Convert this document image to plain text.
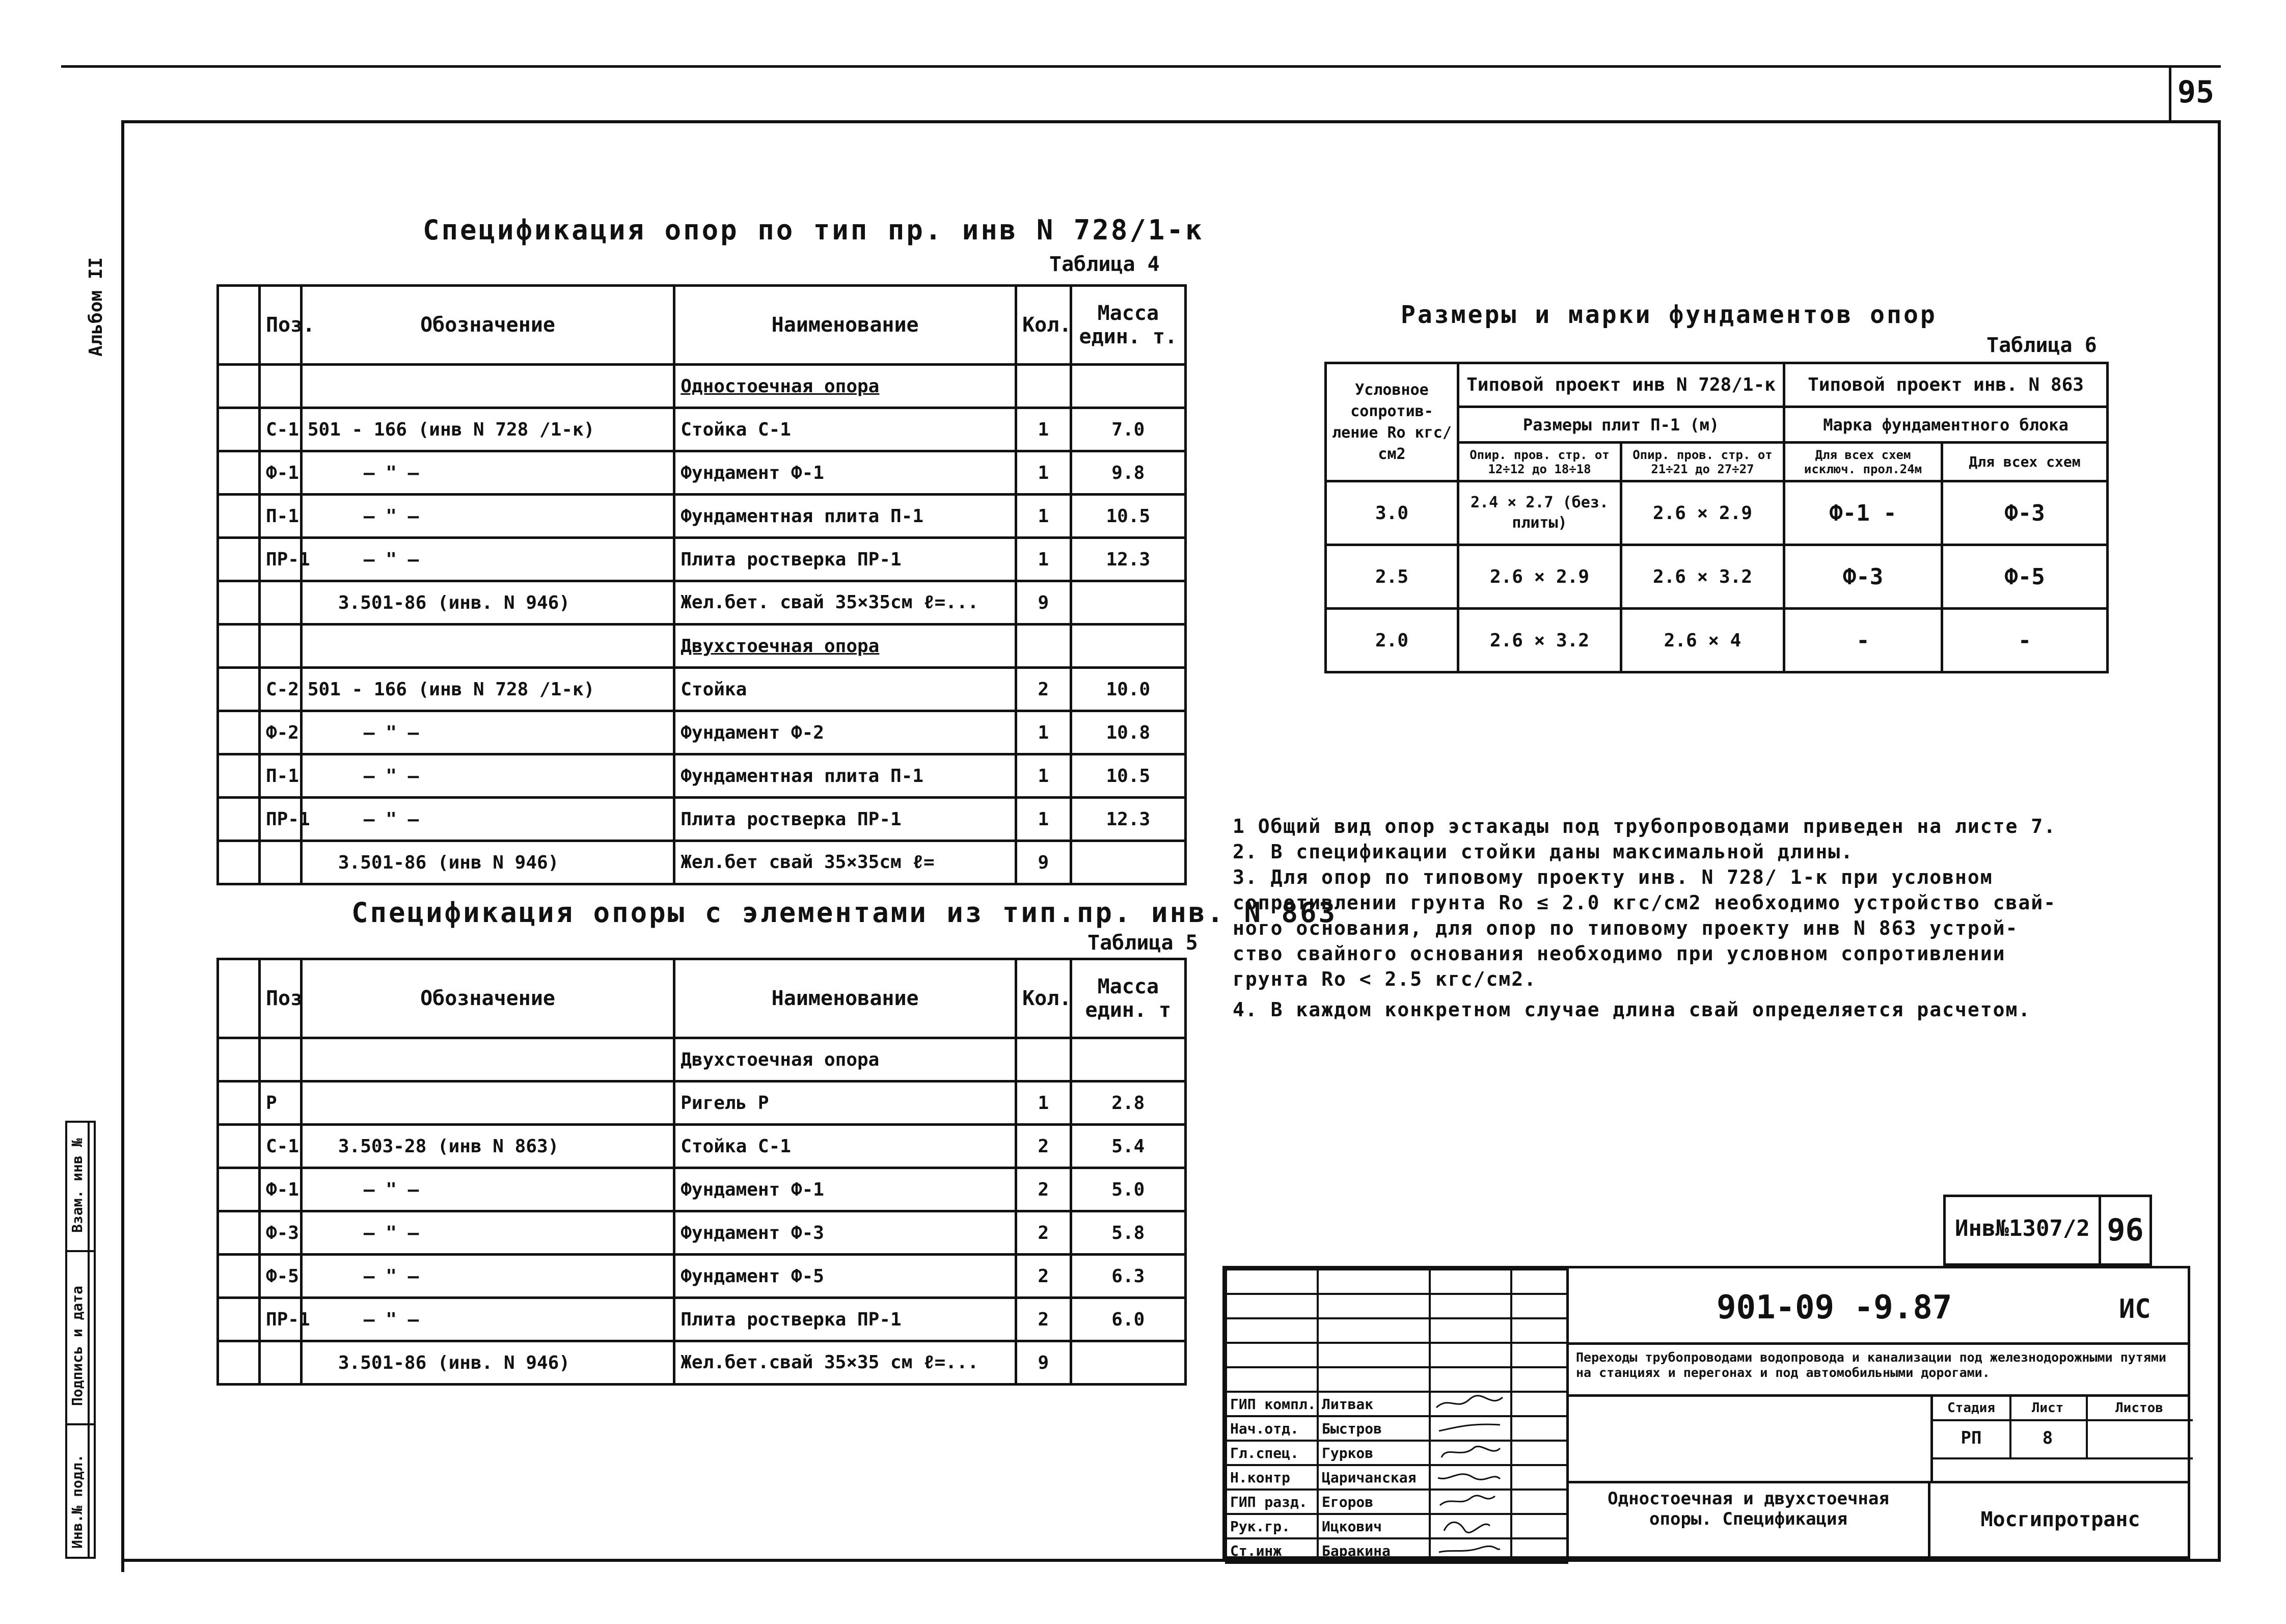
95
Альбом II
Спецификация опор по тип пр. инв N 728/1-к
Таблица 4
	Поз.	Обозначение	Наименование	Кол.	Масса един. т.
			Одностоечная опора		
	С-1	501 - 166 (инв N 728 /1-к)	Стойка С-1	1	7.0
	Ф-1	— " —	Фундамент Ф-1	1	9.8
	П-1	— " —	Фундаментная плита П-1	1	10.5
	ПР-1	— " —	Плита ростверка ПР-1	1	12.3
		3.501-86 (инв. N 946)	Жел.бет. свай 35×35см ℓ=...	9	
			Двухстоечная опора		
	С-2	501 - 166 (инв N 728 /1-к)	Стойка	2	10.0
	Ф-2	— " —	Фундамент Ф-2	1	10.8
	П-1	— " —	Фундаментная плита П-1	1	10.5
	ПР-1	— " —	Плита ростверка ПР-1	1	12.3
		3.501-86 (инв N 946)	Жел.бет свай 35×35см ℓ=	9	
Спецификация опоры с элементами из тип.пр. инв. N 863
Таблица 5
	Поз	Обозначение	Наименование	Кол.	Масса един. т
			Двухстоечная опора		
	Р		Ригель Р	1	2.8
	С-1	3.503-28 (инв N 863)	Стойка С-1	2	5.4
	Ф-1	— " —	Фундамент Ф-1	2	5.0
	Ф-3	— " —	Фундамент Ф-3	2	5.8
	Ф-5	— " —	Фундамент Ф-5	2	6.3
	ПР-1	— " —	Плита ростверка ПР-1	2	6.0
		3.501-86 (инв. N 946)	Жел.бет.свай 35×35 см ℓ=...	9	
Размеры и марки фундаментов опор
Таблица 6
Условное сопротив- ление Ro кгс/см2	Типовой проект инв N 728/1-к		Типовой проект инв. N 863	
	Размеры плит П-1 (м)		Марка фундаментного блока	
	Опир. пров. стр. от 12÷12 до 18÷18	Опир. пров. стр. от 21÷21 до 27÷27	Для всех схем исключ. прол.24м	Для всех схем
3.0	2.4 × 2.7 (без. плиты)	2.6 × 2.9	Ф-1 -	Ф-3
2.5	2.6 × 2.9	2.6 × 3.2	Ф-3	Ф-5
2.0	2.6 × 3.2	2.6 × 4	-	-
1 Общий вид опор эстакады под трубопроводами приведен на листе 7.
2. В спецификации стойки даны максимальной длины.
3. Для опор по типовому проекту инв. N 728/ 1-к при условном
сопротивлении грунта Ro ≤ 2.0 кгс/см2 необходимо устройство свай-
ного основания, для опор по типовому проекту инв N 863 устрой-
ство свайного основания необходимо при условном сопротивлении
грунта Ro < 2.5 кгс/см2.
4. В каждом конкретном случае длина свай определяется расчетом.
Инв№1307/2 96

ГИП компл.	Литвак		
Нач.отд.	Быстров		
Гл.спец.	Гурков		
Н.контр	Царичанская		
ГИП разд.	Егоров		
Рук.гр.	Ицкович		
Ст.инж	Баракина		
901-09 -9.87	ИС
Переходы трубопроводами водопровода и канализации под железнодорожными путями на станциях и перегонах и под автомобильными дорогами.
Стадия	Лист	Листов
РП	8
Одностоечная и двухстоечная опоры. Спецификация	Мосгипротранс
Взам. инв №
Подпись и дата
Инв.№ подл.
